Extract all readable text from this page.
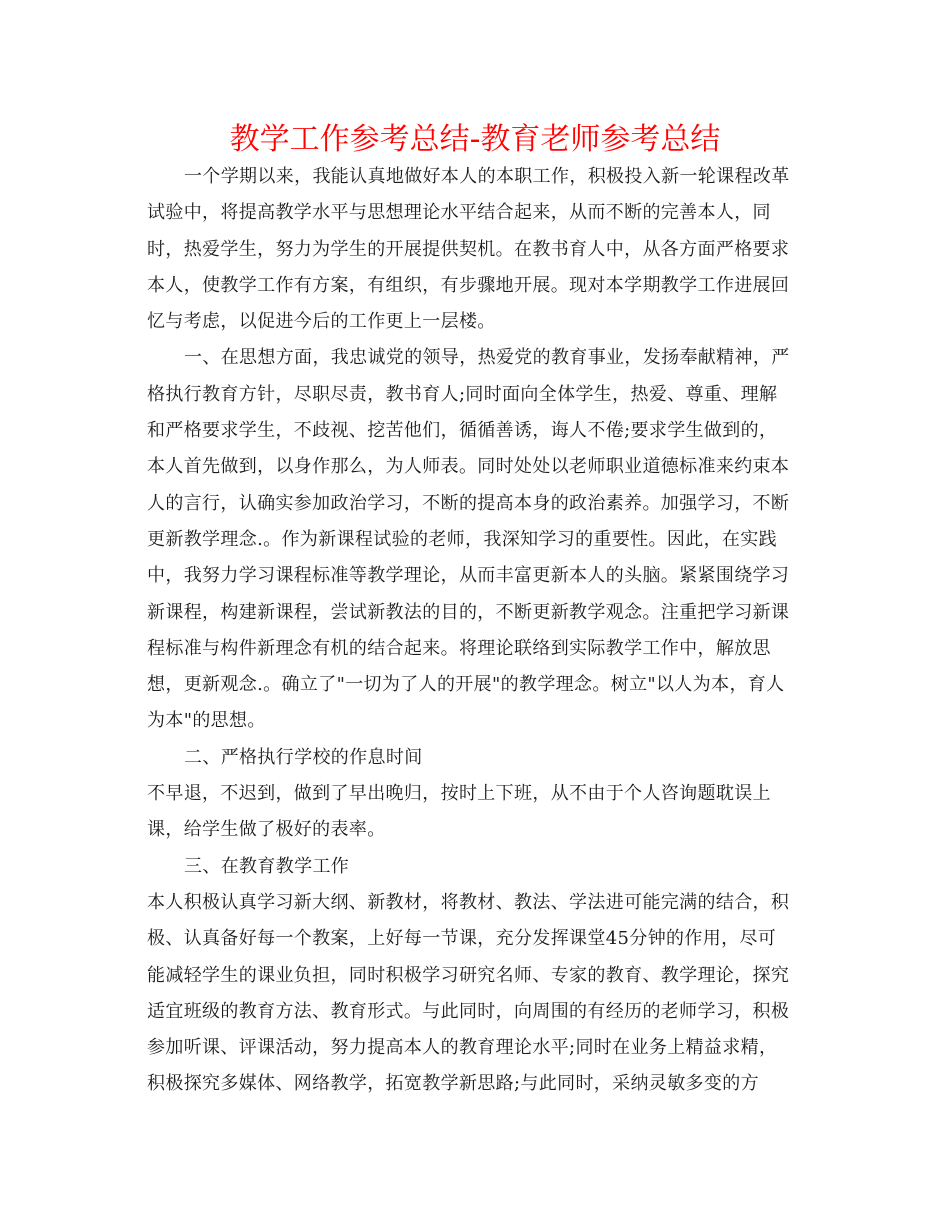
教学工作参考总结-教育老师参考总结
一个学期以来，我能认真地做好本人的本职工作，积极投入新一轮课程改革
试验中，将提高教学水平与思想理论水平结合起来，从而不断的完善本人，同
时，热爱学生，努力为学生的开展提供契机。在教书育人中，从各方面严格要求
本人，使教学工作有方案，有组织，有步骤地开展。现对本学期教学工作进展回
忆与考虑，以促进今后的工作更上一层楼。
一、在思想方面，我忠诚党的领导，热爱党的教育事业，发扬奉献精神，严
格执行教育方针，尽职尽责，教书育人;同时面向全体学生，热爱、尊重、理解
和严格要求学生，不歧视、挖苦他们，循循善诱，诲人不倦;要求学生做到的，
本人首先做到，以身作那么，为人师表。同时处处以老师职业道德标准来约束本
人的言行，认确实参加政治学习，不断的提高本身的政治素养。加强学习，不断
更新教学理念.。作为新课程试验的老师，我深知学习的重要性。因此，在实践
中，我努力学习课程标准等教学理论，从而丰富更新本人的头脑。紧紧围绕学习
新课程，构建新课程，尝试新教法的目的，不断更新教学观念。注重把学习新课
程标准与构件新理念有机的结合起来。将理论联络到实际教学工作中，解放思
想，更新观念.。确立了"一切为了人的开展"的教学理念。树立"以人为本，育人
为本"的思想。
二、严格执行学校的作息时间
不早退，不迟到，做到了早出晚归，按时上下班，从不由于个人咨询题耽误上
课，给学生做了极好的表率。
三、在教育教学工作
本人积极认真学习新大纲、新教材，将教材、教法、学法进可能完满的结合，积
极、认真备好每一个教案，上好每一节课，充分发挥课堂45分钟的作用，尽可
能减轻学生的课业负担，同时积极学习研究名师、专家的教育、教学理论，探究
适宜班级的教育方法、教育形式。与此同时，向周围的有经历的老师学习，积极
参加听课、评课活动，努力提高本人的教育理论水平;同时在业务上精益求精，
积极探究多媒体、网络教学，拓宽教学新思路;与此同时，采纳灵敏多变的方
